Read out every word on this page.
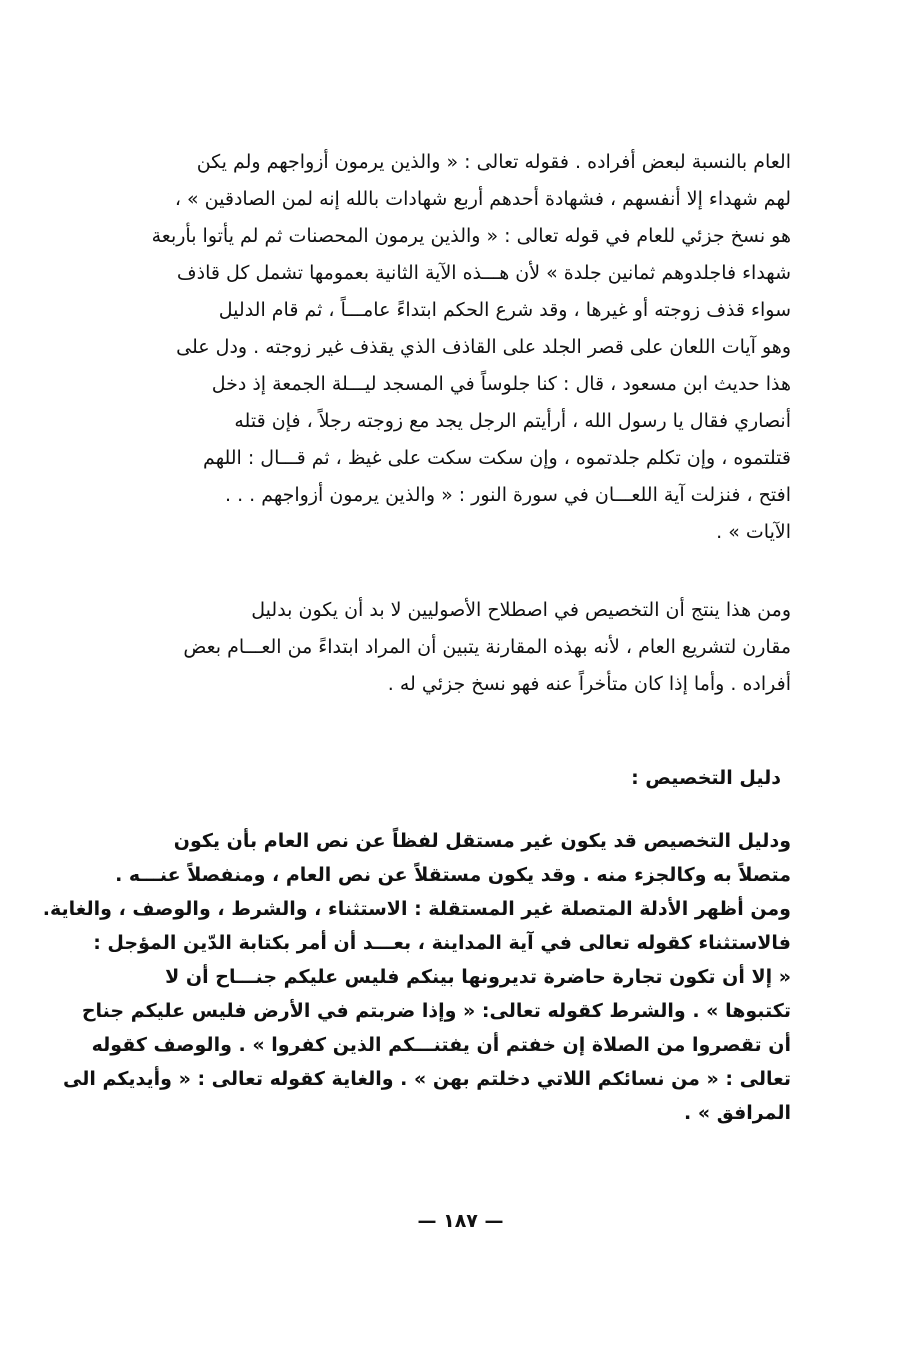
العام بالنسبة لبعض أفراده . فقوله تعالى : « والذين يرمون أزواجهم ولم يكن
لهم شهداء إلا أنفسهم ، فشهادة أحدهم أربع شهادات بالله إنه لمن الصادقين » ،
هو نسخ جزئي للعام في قوله تعالى : « والذين يرمون المحصنات ثم لم يأتوا بأربعة
شهداء فاجلدوهم ثمانين جلدة » لأن هـــذه الآية الثانية بعمومها تشمل كل قاذف
سواء قذف زوجته أو غيرها ، وقد شرع الحكم ابتداءً عامـــاً ، ثم قام الدليل
وهو آيات اللعان على قصر الجلد على القاذف الذي يقذف غير زوجته . ودل على
هذا حديث ابن مسعود ، قال : كنا جلوساً في المسجد ليـــلة الجمعة إذ دخل
أنصاري فقال يا رسول الله ، أرأيتم الرجل يجد مع زوجته رجلاً ، فإن قتله
قتلتموه ، وإن تكلم جلدتموه ، وإن سكت سكت على غيظ ، ثم قـــال : اللهم
افتح ، فنزلت آية اللعـــان في سورة النور : « والذين يرمون أزواجهم . . .
الآيات » .
ومن هذا ينتج أن التخصيص في اصطلاح الأصوليين لا بد أن يكون بدليل
مقارن لتشريع العام ، لأنه بهذه المقارنة يتبين أن المراد ابتداءً من العـــام بعض
أفراده . وأما إذا كان متأخراً عنه فهو نسخ جزئي له .
دليل التخصيص :
ودليل التخصيص قد يكون غير مستقل لفظاً عن نص العام بأن يكون
متصلاً به وكالجزء منه . وقد يكون مستقلاً عن نص العام ، ومنفصلاً عنـــه .
ومن أظهر الأدلة المتصلة غير المستقلة : الاستثناء ، والشرط ، والوصف ، والغاية.
فالاستثناء كقوله تعالى في آية المداينة ، بعـــد أن أمر بكتابة الدّين المؤجل :
« إلا أن تكون تجارة حاضرة تديرونها بينكم فليس عليكم جنـــاح أن لا
تكتبوها » . والشرط كقوله تعالى: « وإذا ضربتم في الأرض فليس عليكم جناح
أن تقصروا من الصلاة إن خفتم أن يفتنـــكم الذين كفروا » . والوصف كقوله
تعالى : « من نسائكم اللاتي دخلتم بهن » . والغاية كقوله تعالى : « وأيديكم الى
المرافق » .
— ١٨٧ —
